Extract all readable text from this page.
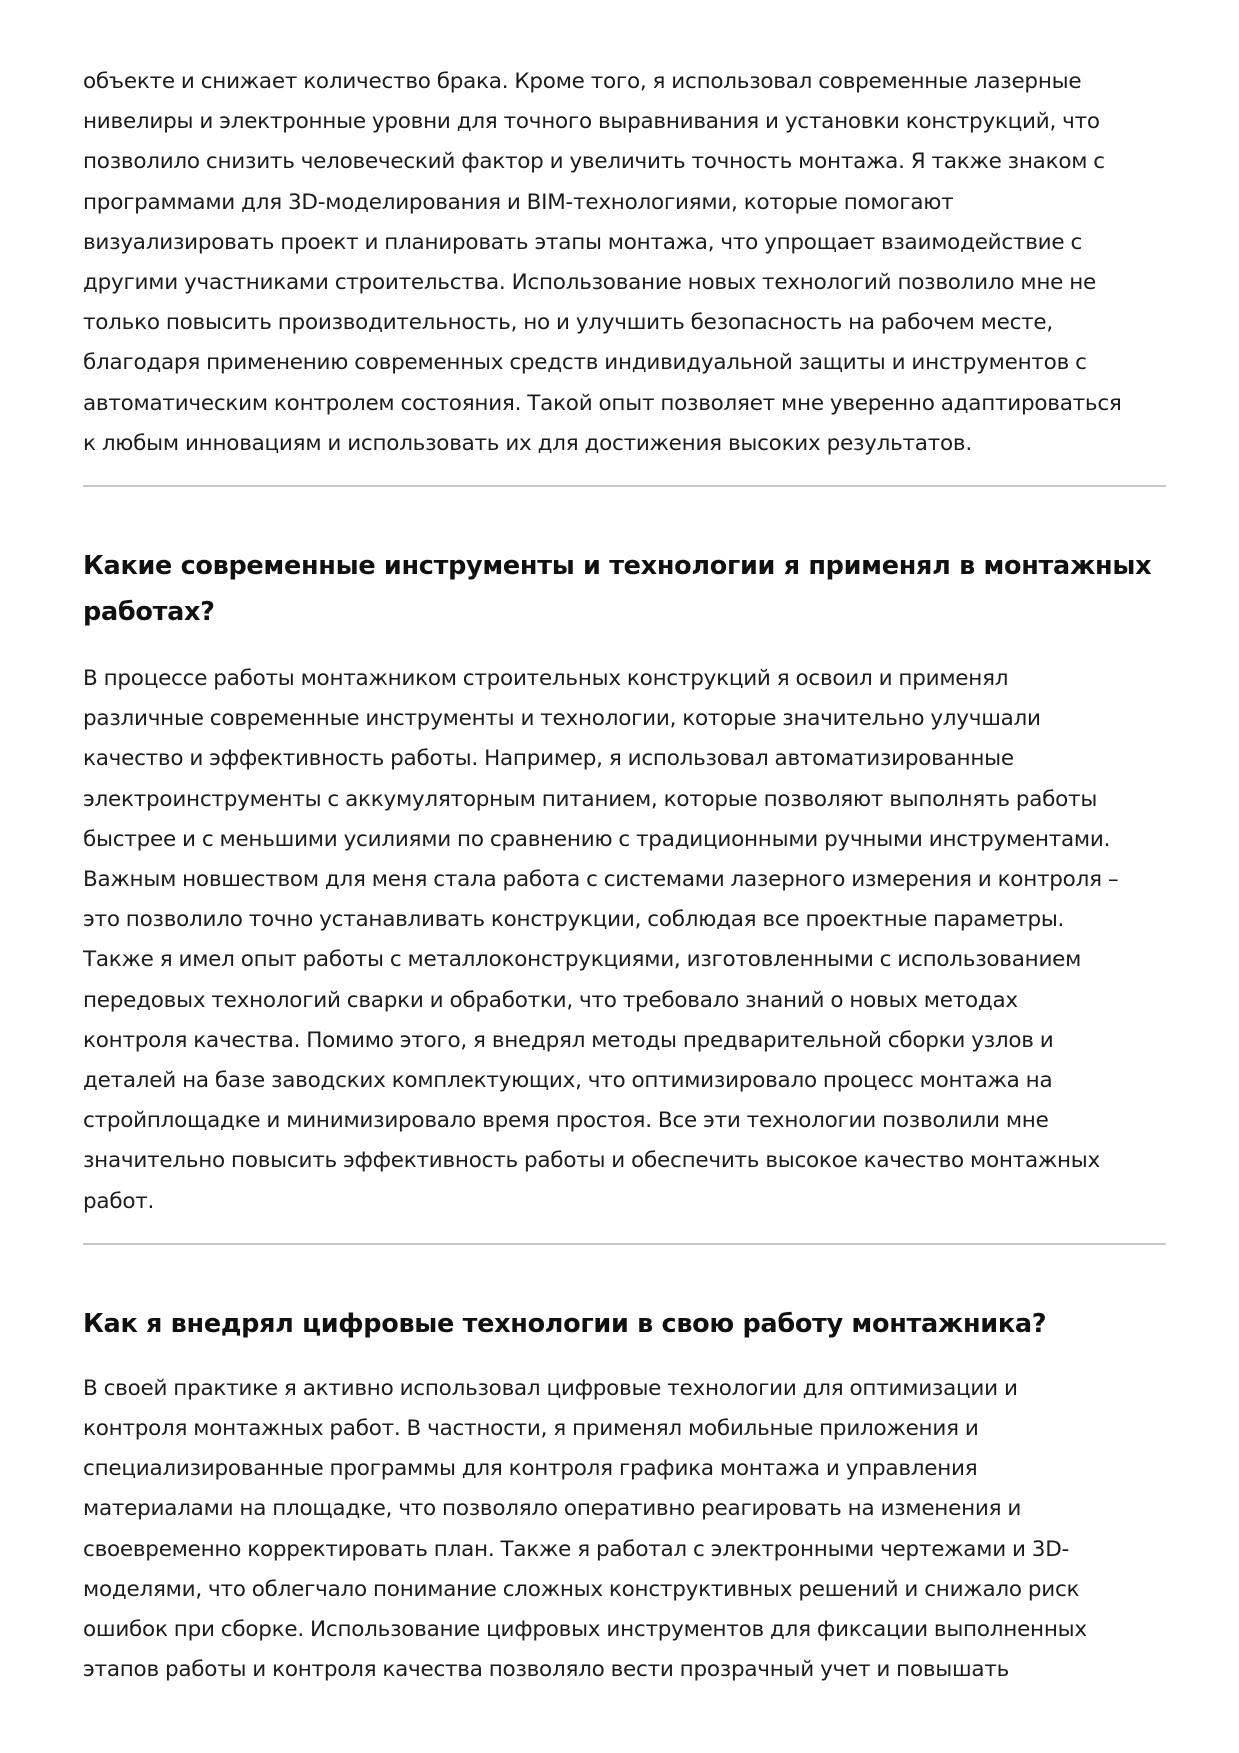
объекте и снижает количество брака. Кроме того, я использовал современные лазерные
нивелиры и электронные уровни для точного выравнивания и установки конструкций, что
позволило снизить человеческий фактор и увеличить точность монтажа. Я также знаком с
программами для 3D-моделирования и BIM-технологиями, которые помогают
визуализировать проект и планировать этапы монтажа, что упрощает взаимодействие с
другими участниками строительства. Использование новых технологий позволило мне не
только повысить производительность, но и улучшить безопасность на рабочем месте,
благодаря применению современных средств индивидуальной защиты и инструментов с
автоматическим контролем состояния. Такой опыт позволяет мне уверенно адаптироваться
к любым инновациям и использовать их для достижения высоких результатов.

Какие современные инструменты и технологии я применял в монтажных
работах?

В процессе работы монтажником строительных конструкций я освоил и применял
различные современные инструменты и технологии, которые значительно улучшали
качество и эффективность работы. Например, я использовал автоматизированные
электроинструменты с аккумуляторным питанием, которые позволяют выполнять работы
быстрее и с меньшими усилиями по сравнению с традиционными ручными инструментами.
Важным новшеством для меня стала работа с системами лазерного измерения и контроля –
это позволило точно устанавливать конструкции, соблюдая все проектные параметры.
Также я имел опыт работы с металлоконструкциями, изготовленными с использованием
передовых технологий сварки и обработки, что требовало знаний о новых методах
контроля качества. Помимо этого, я внедрял методы предварительной сборки узлов и
деталей на базе заводских комплектующих, что оптимизировало процесс монтажа на
стройплощадке и минимизировало время простоя. Все эти технологии позволили мне
значительно повысить эффективность работы и обеспечить высокое качество монтажных
работ.

Как я внедрял цифровые технологии в свою работу монтажника?

В своей практике я активно использовал цифровые технологии для оптимизации и
контроля монтажных работ. В частности, я применял мобильные приложения и
специализированные программы для контроля графика монтажа и управления
материалами на площадке, что позволяло оперативно реагировать на изменения и
своевременно корректировать план. Также я работал с электронными чертежами и 3D-
моделями, что облегчало понимание сложных конструктивных решений и снижало риск
ошибок при сборке. Использование цифровых инструментов для фиксации выполненных
этапов работы и контроля качества позволяло вести прозрачный учет и повышать
